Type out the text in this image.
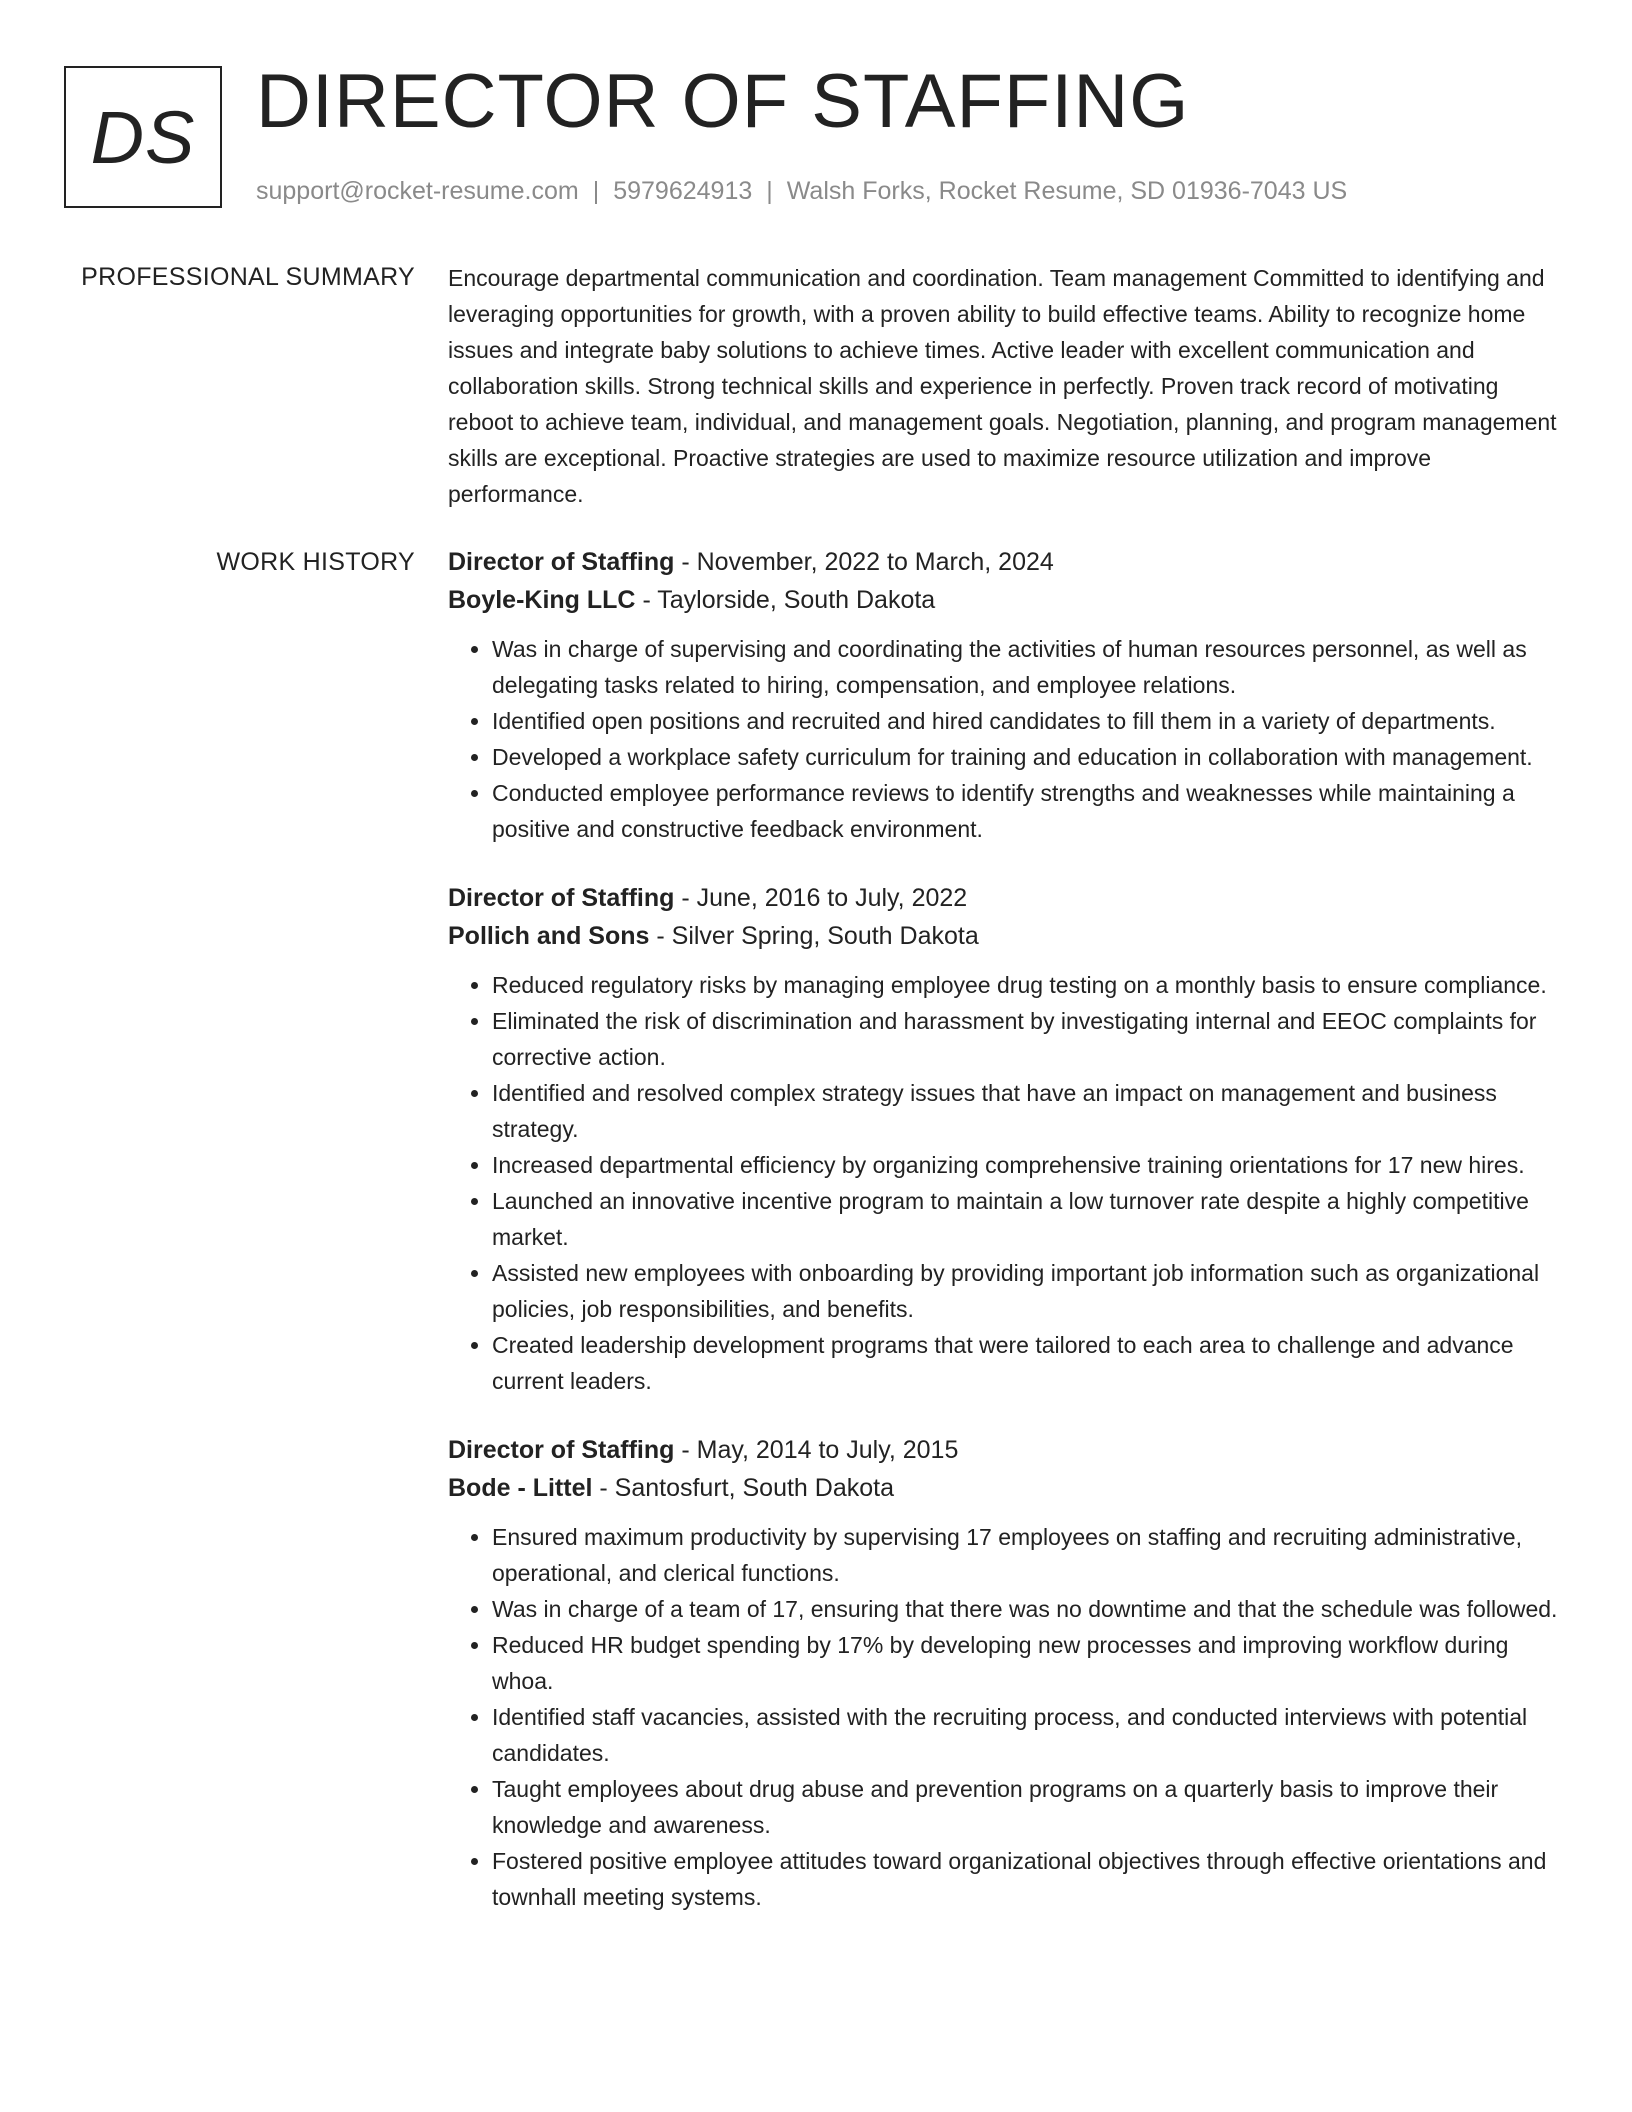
DS DIRECTOR OF STAFFING
support@rocket-resume.com | 5979624913 | Walsh Forks, Rocket Resume, SD 01936-7043 US
PROFESSIONAL SUMMARY Encourage departmental communication and coordination. Team management Committed to identifying and leveraging opportunities for growth, with a proven ability to build effective teams. Ability to recognize home issues and integrate baby solutions to achieve times. Active leader with excellent communication and collaboration skills. Strong technical skills and experience in perfectly. Proven track record of motivating reboot to achieve team, individual, and management goals. Negotiation, planning, and program management skills are exceptional. Proactive strategies are used to maximize resource utilization and improve performance.

WORK HISTORY Director of Staffing - November, 2022 to March, 2024
Boyle-King LLC - Taylorside, South Dakota
• Was in charge of supervising and coordinating the activities of human resources personnel, as well as delegating tasks related to hiring, compensation, and employee relations.
• Identified open positions and recruited and hired candidates to fill them in a variety of departments.
• Developed a workplace safety curriculum for training and education in collaboration with management.
• Conducted employee performance reviews to identify strengths and weaknesses while maintaining a positive and constructive feedback environment.
Director of Staffing - June, 2016 to July, 2022
Pollich and Sons - Silver Spring, South Dakota
• Reduced regulatory risks by managing employee drug testing on a monthly basis to ensure compliance.
• Eliminated the risk of discrimination and harassment by investigating internal and EEOC complaints for corrective action.
• Identified and resolved complex strategy issues that have an impact on management and business strategy.
• Increased departmental efficiency by organizing comprehensive training orientations for 17 new hires.
• Launched an innovative incentive program to maintain a low turnover rate despite a highly competitive market.
• Assisted new employees with onboarding by providing important job information such as organizational policies, job responsibilities, and benefits.
• Created leadership development programs that were tailored to each area to challenge and advance current leaders.
Director of Staffing - May, 2014 to July, 2015
Bode - Littel - Santosfurt, South Dakota
• Ensured maximum productivity by supervising 17 employees on staffing and recruiting administrative, operational, and clerical functions.
• Was in charge of a team of 17, ensuring that there was no downtime and that the schedule was followed.
• Reduced HR budget spending by 17% by developing new processes and improving workflow during whoa.
• Identified staff vacancies, assisted with the recruiting process, and conducted interviews with potential candidates.
• Taught employees about drug abuse and prevention programs on a quarterly basis to improve their knowledge and awareness.
• Fostered positive employee attitudes toward organizational objectives through effective orientations and townhall meeting systems.
